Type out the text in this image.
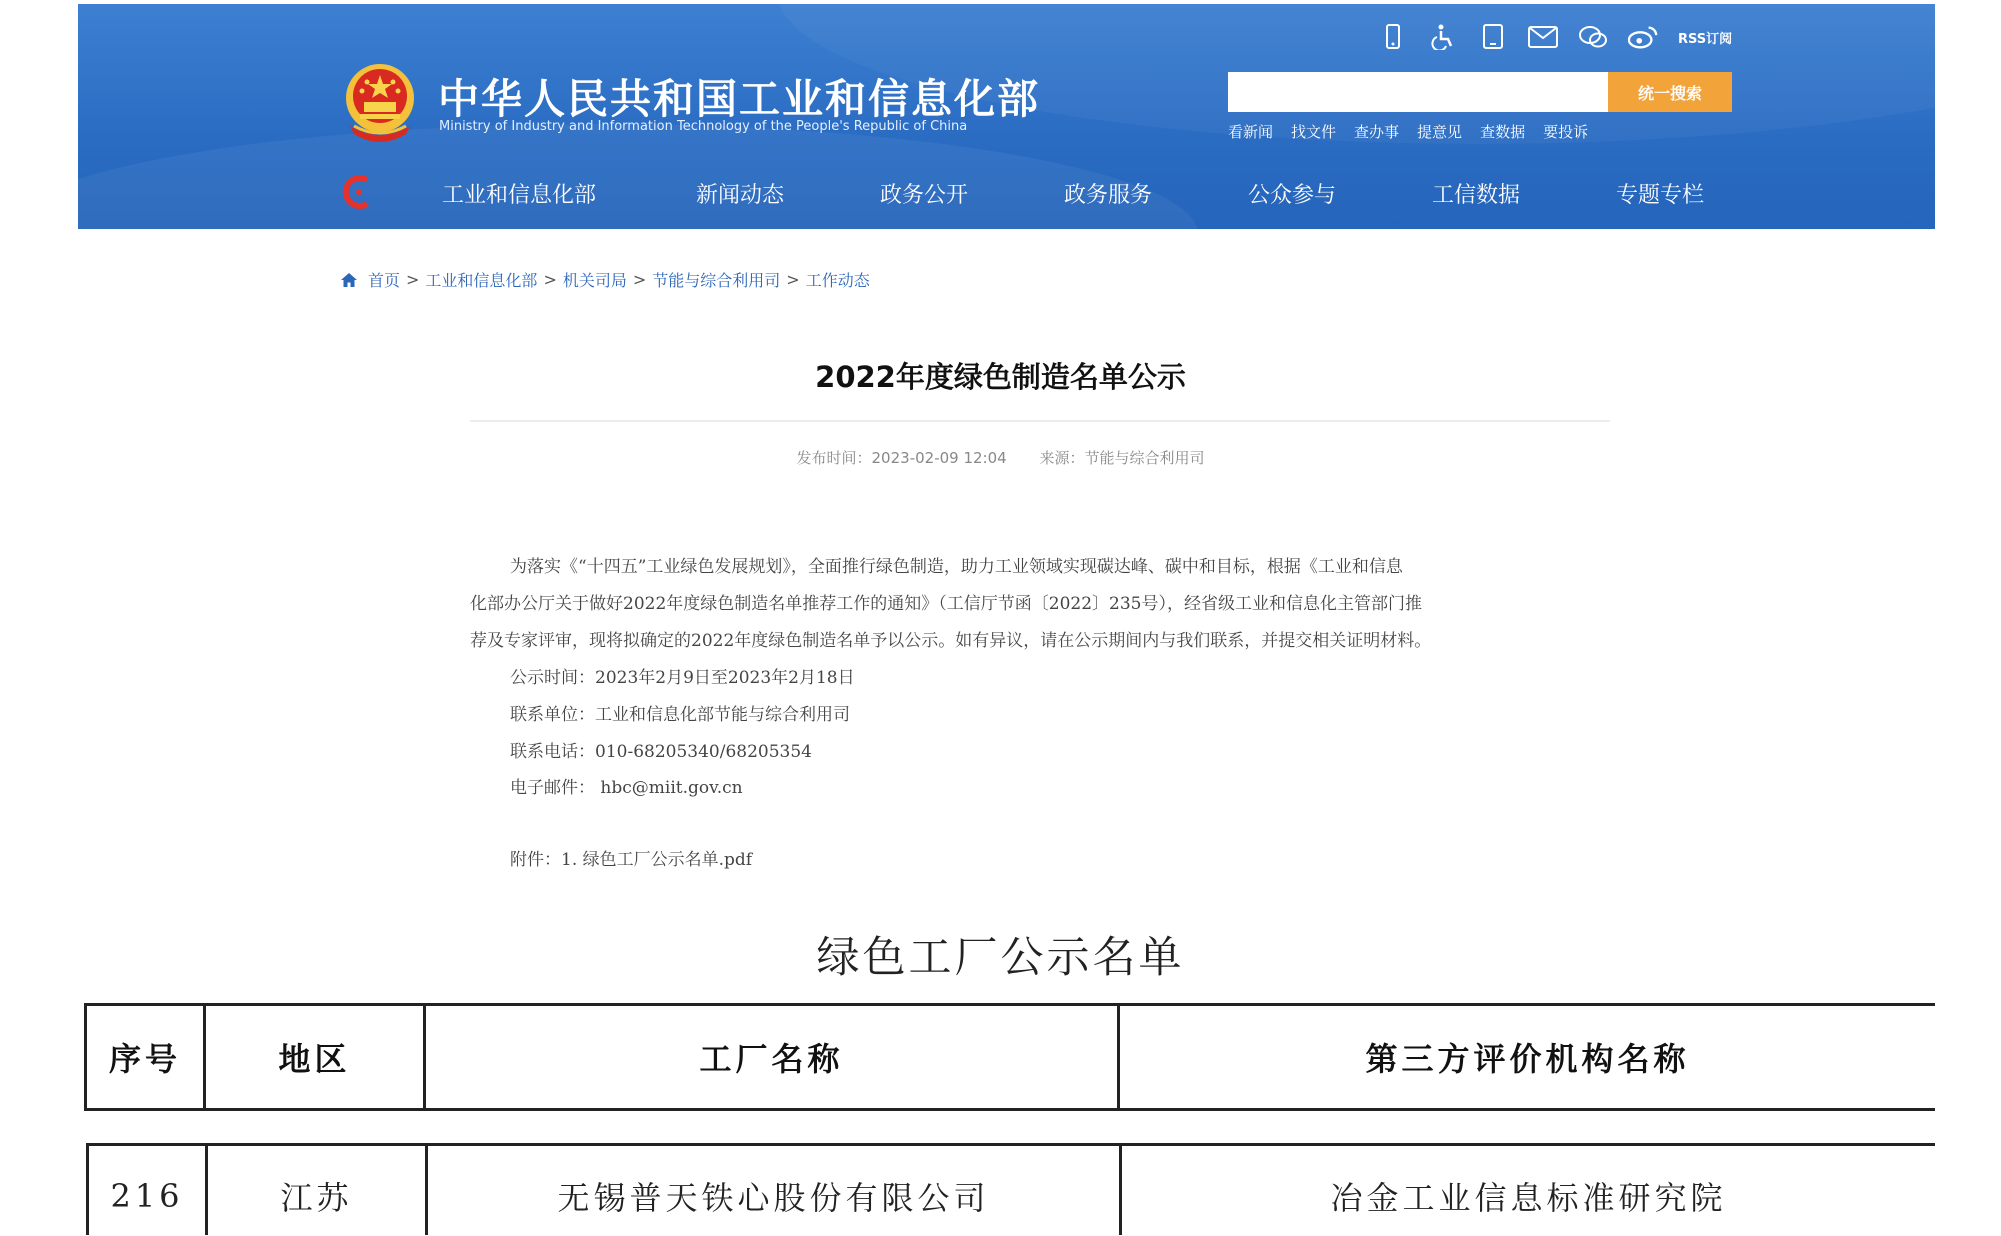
中华人民共和国工业和信息化部
Ministry of Industry and Information Technology of the People's Republic of China
RSS订阅
统一搜索
看新闻 找文件 查办事 提意见 查数据 要投诉
工业和信息化部	新闻动态	政务公开	政务服务	公众参与	工信数据	专题专栏
首页 > 工业和信息化部 > 机关司局 > 节能与综合利用司 > 工作动态
2022年度绿色制造名单公示
发布时间：2023-02-09 12:04 来源：节能与综合利用司
为落实《“十四五”工业绿色发展规划》，全面推行绿色制造，助力工业领域实现碳达峰、碳中和目标，根据《工业和信息
化部办公厅关于做好2022年度绿色制造名单推荐工作的通知》（工信厅节函〔2022〕235号），经省级工业和信息化主管部门推
荐及专家评审，现将拟确定的2022年度绿色制造名单予以公示。如有异议，请在公示期间内与我们联系，并提交相关证明材料。
公示时间：2023年2月9日至2023年2月18日
联系单位：工业和信息化部节能与综合利用司
联系电话：010-68205340/68205354
电子邮件： hbc@miit.gov.cn
附件：1. 绿色工厂公示名单.pdf
绿色工厂公示名单
序号	地区	工厂名称	第三方评价机构名称
216	江苏	无锡普天铁心股份有限公司	冶金工业信息标准研究院
